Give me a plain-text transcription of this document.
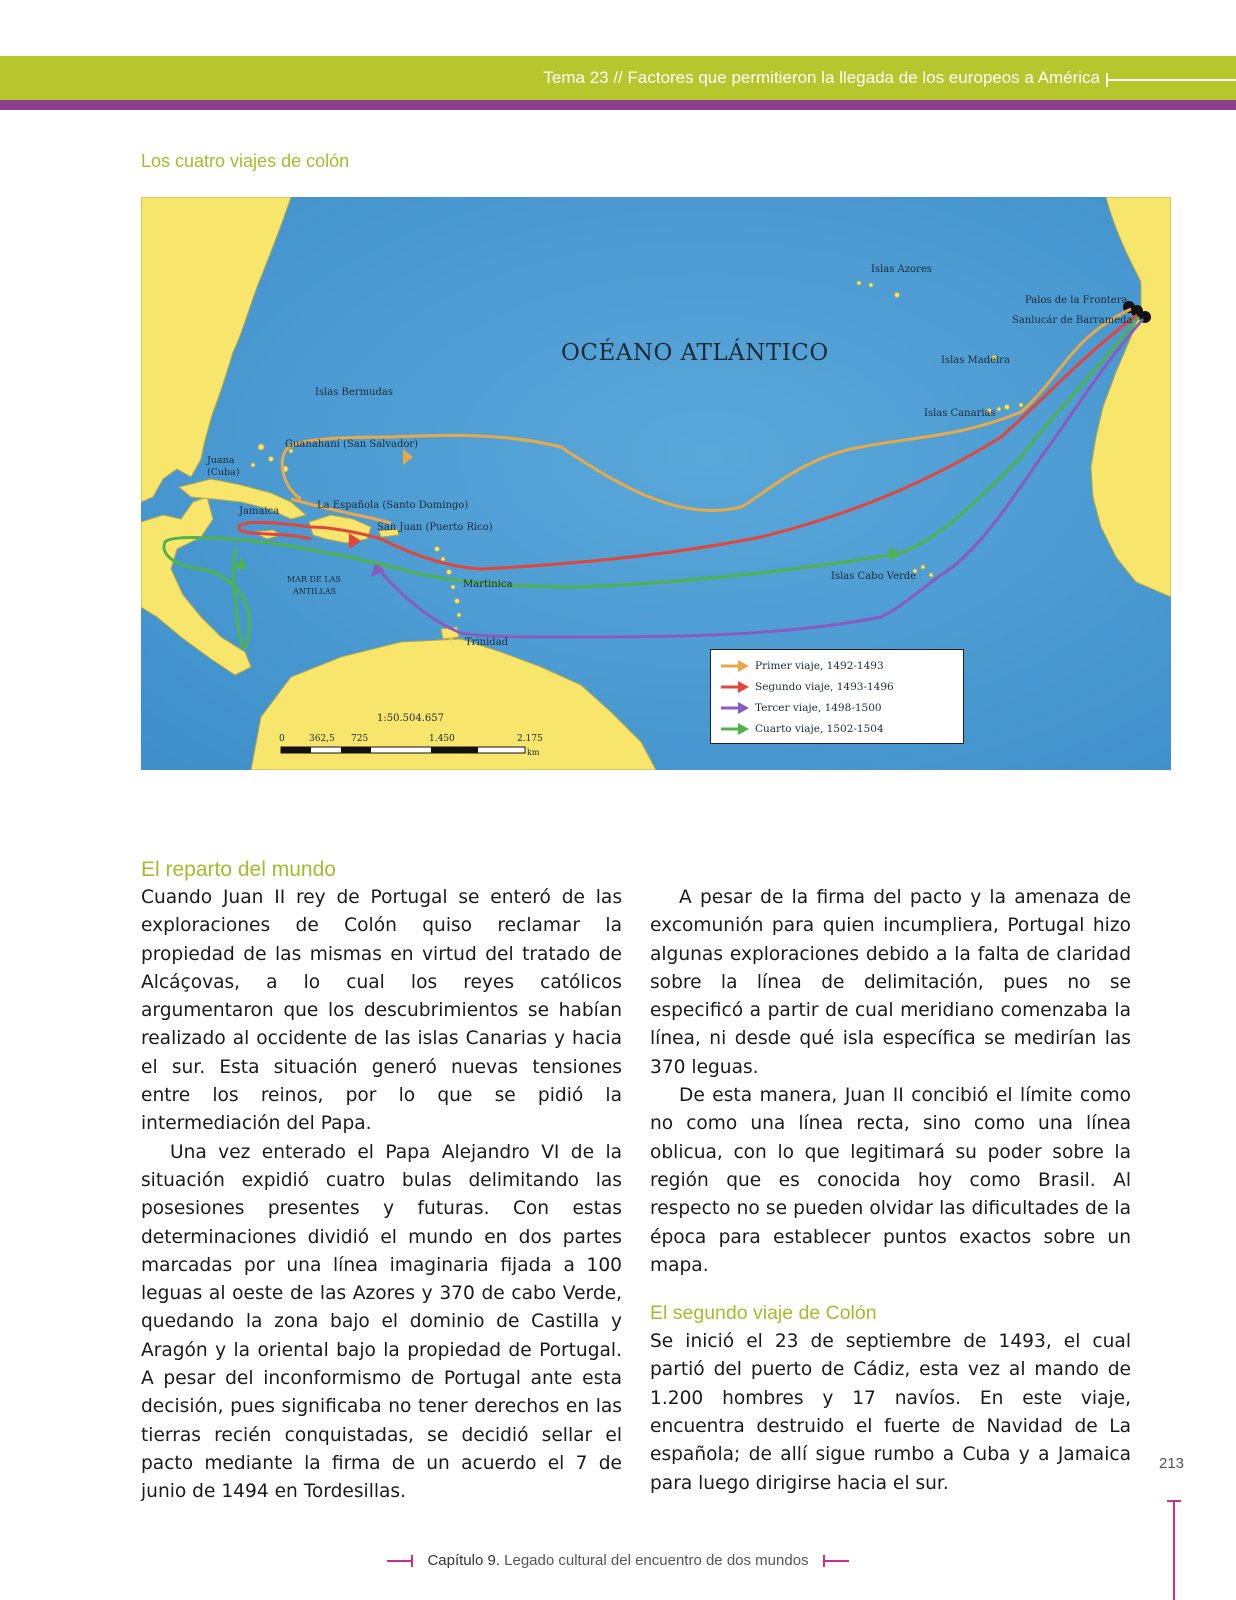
Tema 23 // Factores que permitieron la llegada de los europeos a América
Los cuatro viajes de colón
OCÉANO ATLÁNTICO
Islas Azores
Palos de la Frontera
Sanlucár de Barrameda
Islas Madeira
Islas Canarias
Islas Bermudas
Guanahaní (San Salvador)
Juana
(Cuba)
Jamaica
La Española (Santo Domingo)
San Juan (Puerto Rico)
MAR DE LAS
ANTILLAS
Martinica
Trinidad
Islas Cabo Verde
1:50.504.657
0	362,5 725	1.450	2.175
km
Primer viaje, 1492-1493
Segundo viaje, 1493-1496
Tercer viaje, 1498-1500
Cuarto viaje, 1502-1504
El reparto del mundo

Cuando Juan II rey de Portugal se enteró de las exploraciones de Colón quiso reclamar la propiedad de las mismas en virtud del tratado de Alcáçovas, a lo cual los reyes católicos argumentaron que los descubrimientos se habían realizado al occidente de las islas Canarias y hacia el sur. Esta situación generó nuevas tensiones entre los reinos, por lo que se pidió la intermediación del Papa.

Una vez enterado el Papa Alejandro VI de la situación expidió cuatro bulas delimitando las posesiones presentes y futuras. Con estas determinaciones dividió el mundo en dos partes marcadas por una línea imaginaria fijada a 100 leguas al oeste de las Azores y 370 de cabo Verde, quedando la zona bajo el dominio de Castilla y Aragón y la oriental bajo la propiedad de Portugal. A pesar del inconformismo de Portugal ante esta decisión, pues significaba no tener derechos en las tierras recién conquistadas, se decidió sellar el pacto mediante la firma de un acuerdo el 7 de junio de 1494 en Tordesillas.

A pesar de la firma del pacto y la amenaza de excomunión para quien incumpliera, Portugal hizo algunas exploraciones debido a la falta de claridad sobre la línea de delimitación, pues no se especificó a partir de cual meridiano comenzaba la línea, ni desde qué isla específica se medirían las 370 leguas.

De esta manera, Juan II concibió el límite como no como una línea recta, sino como una línea oblicua, con lo que legitimará su poder sobre la región que es conocida hoy como Brasil. Al respecto no se pueden olvidar las dificultades de la época para establecer puntos exactos sobre un mapa.

El segundo viaje de Colón

Se inició el 23 de septiembre de 1493, el cual partió del puerto de Cádiz, esta vez al mando de 1.200 hombres y 17 navíos. En este viaje, encuentra destruido el fuerte de Navidad de La española; de allí sigue rumbo a Cuba y a Jamaica para luego dirigirse hacia el sur.

213
Capítulo 9. Legado cultural del encuentro de dos mundos
